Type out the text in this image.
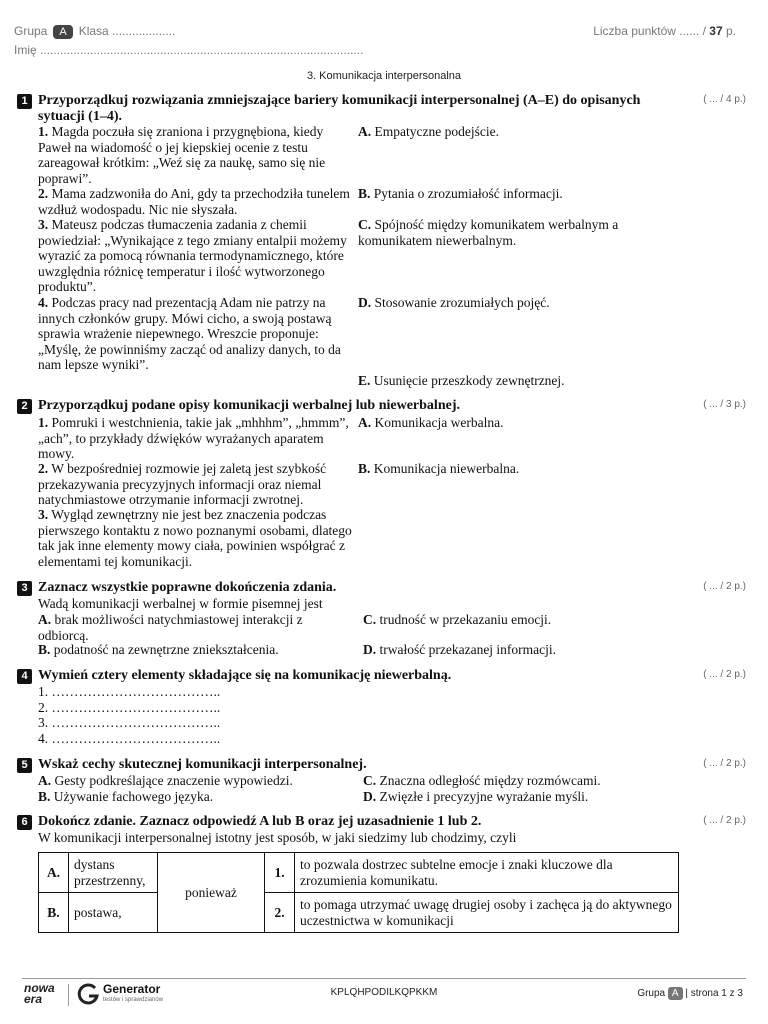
Grupa A Klasa ...................	Liczba punktów ...... / 37 p.
Imię .................................................................................................
3. Komunikacja interpersonalna
1 Przyporządkuj rozwiązania zmniejszające bariery komunikacji interpersonalnej (A–E) do opisanych sytuacji (1–4).
( ... / 4 p.)
1. Magda poczuła się zraniona i przygnębiona, kiedy Paweł na wiadomość o jej kiepskiej ocenie z testu zareagował krótkim: „Weź się za naukę, samo się nie poprawi”.
2. Mama zadzwoniła do Ani, gdy ta przechodziła tunelem wzdłuż wodospadu. Nic nie słyszała.
3. Mateusz podczas tłumaczenia zadania z chemii powiedział: „Wynikające z tego zmiany entalpii możemy wyrazić za pomocą równania termodynamicznego, które uwzględnia różnicę temperatur i ilość wytworzonego produktu”.
4. Podczas pracy nad prezentacją Adam nie patrzy na innych członków grupy. Mówi cicho, a swoją postawą sprawia wrażenie niepewnego. Wreszcie proponuje: „Myślę, że powinniśmy zacząć od analizy danych, to da nam lepsze wyniki”.
A. Empatyczne podejście.
B. Pytania o zrozumiałość informacji.
C. Spójność między komunikatem werbalnym a komunikatem niewerbalnym.
D. Stosowanie zrozumiałych pojęć.
E. Usunięcie przeszkody zewnętrznej.
2 Przyporządkuj podane opisy komunikacji werbalnej lub niewerbalnej.	( ... / 3 p.)
1. Pomruki i westchnienia, takie jak „mhhhm”, „hmmm”, „ach”, to przykłady dźwięków wyrażanych aparatem mowy.
2. W bezpośredniej rozmowie jej zaletą jest szybkość przekazywania precyzyjnych informacji oraz niemal natychmiastowe otrzymanie informacji zwrotnej.
3. Wygląd zewnętrzny nie jest bez znaczenia podczas pierwszego kontaktu z nowo poznanymi osobami, dlatego tak jak inne elementy mowy ciała, powinien współgrać z elementami tej komunikacji.
A. Komunikacja werbalna.
B. Komunikacja niewerbalna.
3 Zaznacz wszystkie poprawne dokończenia zdania.	( ... / 2 p.)
Wadą komunikacji werbalnej w formie pisemnej jest
A. brak możliwości natychmiastowej interakcji z odbiorcą.
B. podatność na zewnętrzne zniekształcenia.
C. trudność w przekazaniu emocji.
D. trwałość przekazanej informacji.
4 Wymień cztery elementy składające się na komunikację niewerbalną.	( ... / 2 p.)
1. ………………………………..
2. ………………………………..
3. ………………………………..
4. ………………………………..
5 Wskaż cechy skutecznej komunikacji interpersonalnej.	( ... / 2 p.)
A. Gesty podkreślające znaczenie wypowiedzi.
B. Używanie fachowego języka.
C. Znaczna odległość między rozmówcami.
D. Zwięzłe i precyzyjne wyrażanie myśli.
6 Dokończ zdanie. Zaznacz odpowiedź A lub B oraz jej uzasadnienie 1 lub 2.	( ... / 2 p.)
W komunikacji interpersonalnej istotny jest sposób, w jaki siedzimy lub chodzimy, czyli
A.	dystans przestrzenny,	ponieważ	1.	to pozwala dostrzec subtelne emocje i znaki kluczowe dla zrozumienia komunikatu.
B.	postawa,		2.	to pomaga utrzymać uwagę drugiej osoby i zachęca ją do aktywnego uczestnictwa w komunikacji
nowa
era
Generator
testów i sprawdzianów
KPLQHPODILKQPKKM	Grupa A | strona 1 z 3
